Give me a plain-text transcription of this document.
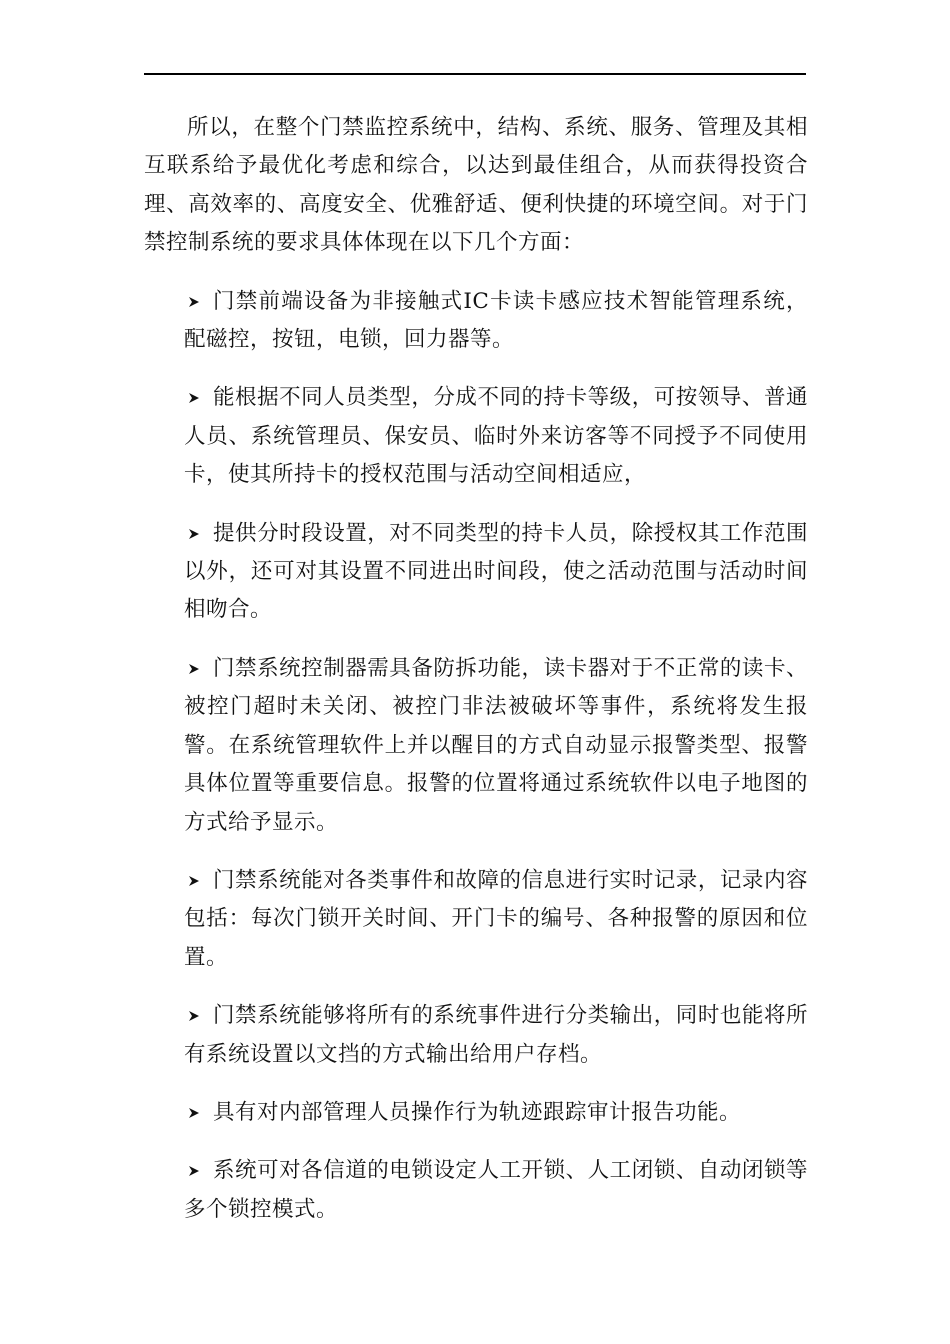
所以，在整个门禁监控系统中，结构、系统、服务、管理及其相互联系给予最优化考虑和综合，以达到最佳组合，从而获得投资合理、高效率的、高度安全、优雅舒适、便利快捷的环境空间。对于门禁控制系统的要求具体体现在以下几个方面：

门禁前端设备为非接触式IC卡读卡感应技术智能管理系统，配磁控，按钮，电锁，回力器等。
能根据不同人员类型，分成不同的持卡等级，可按领导、普通人员、系统管理员、保安员、临时外来访客等不同授予不同使用卡，使其所持卡的授权范围与活动空间相适应，
提供分时段设置，对不同类型的持卡人员，除授权其工作范围以外，还可对其设置不同进出时间段，使之活动范围与活动时间相吻合。
门禁系统控制器需具备防拆功能，读卡器对于不正常的读卡、被控门超时未关闭、被控门非法被破坏等事件，系统将发生报警。在系统管理软件上并以醒目的方式自动显示报警类型、报警具体位置等重要信息。报警的位置将通过系统软件以电子地图的方式给予显示。
门禁系统能对各类事件和故障的信息进行实时记录，记录内容包括：每次门锁开关时间、开门卡的编号、各种报警的原因和位置。
门禁系统能够将所有的系统事件进行分类输出，同时也能将所有系统设置以文挡的方式输出给用户存档。
具有对内部管理人员操作行为轨迹跟踪审计报告功能。
系统可对各信道的电锁设定人工开锁、人工闭锁、自动闭锁等多个锁控模式。
